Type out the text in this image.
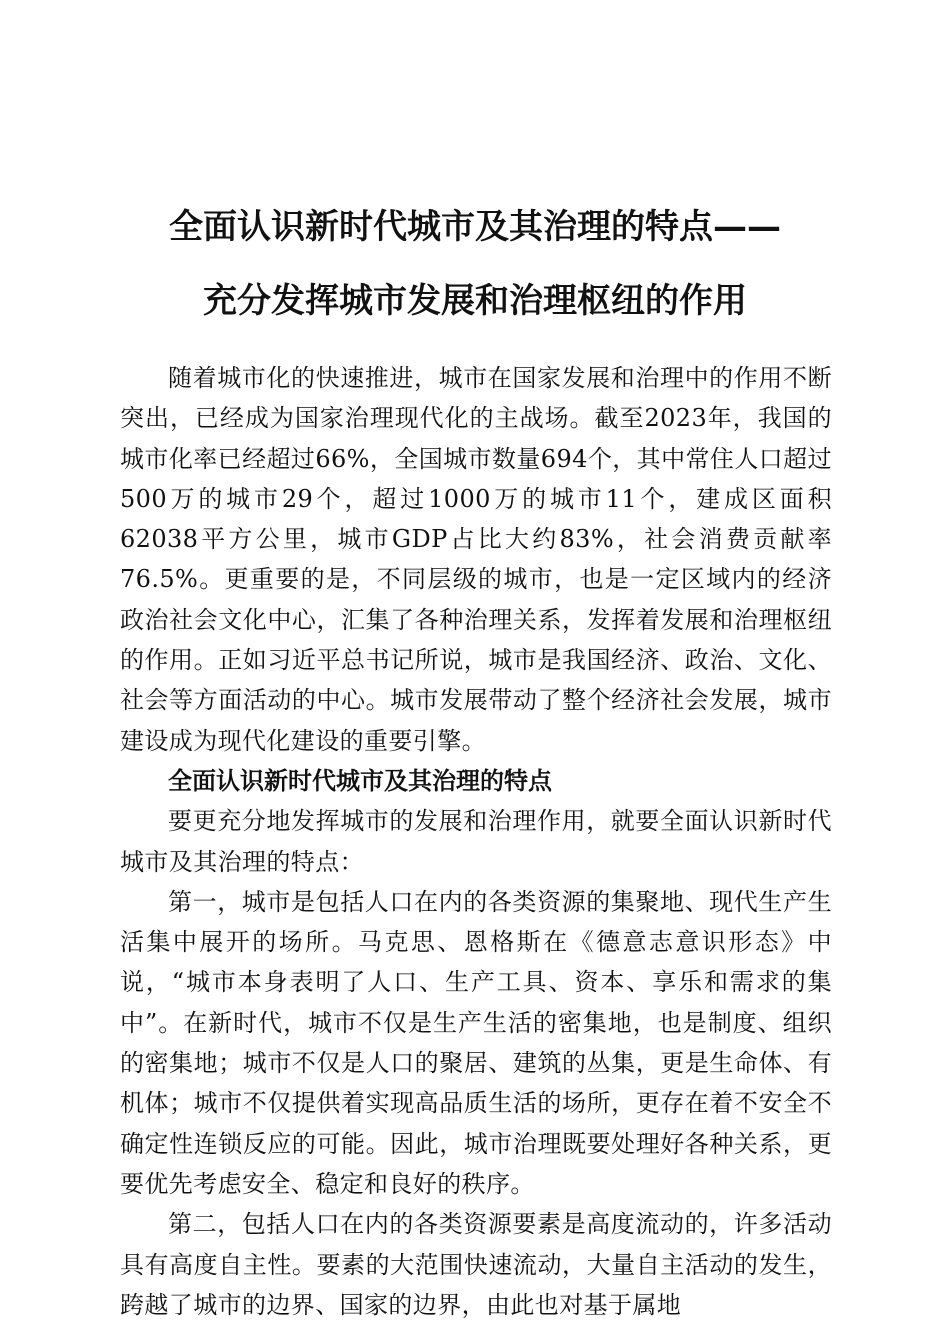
全面认识新时代城市及其治理的特点——
充分发挥城市发展和治理枢纽的作用

随着城市化的快速推进，城市在国家发展和治理中的作用不断突出，已经成为国家治理现代化的主战场。截至2023年，我国的城市化率已经超过66%，全国城市数量694个，其中常住人口超过500万的城市29个，超过1000万的城市11个，建成区面积62038平方公里，城市GDP占比大约83%，社会消费贡献率76.5%。更重要的是，不同层级的城市，也是一定区域内的经济政治社会文化中心，汇集了各种治理关系，发挥着发展和治理枢纽的作用。正如习近平总书记所说，城市是我国经济、政治、文化、社会等方面活动的中心。城市发展带动了整个经济社会发展，城市建设成为现代化建设的重要引擎。

全面认识新时代城市及其治理的特点

要更充分地发挥城市的发展和治理作用，就要全面认识新时代城市及其治理的特点：

第一，城市是包括人口在内的各类资源的集聚地、现代生产生活集中展开的场所。马克思、恩格斯在《德意志意识形态》中说，“城市本身表明了人口、生产工具、资本、享乐和需求的集中”。在新时代，城市不仅是生产生活的密集地，也是制度、组织的密集地；城市不仅是人口的聚居、建筑的丛集，更是生命体、有机体；城市不仅提供着实现高品质生活的场所，更存在着不安全不确定性连锁反应的可能。因此，城市治理既要处理好各种关系，更要优先考虑安全、稳定和良好的秩序。

第二，包括人口在内的各类资源要素是高度流动的，许多活动具有高度自主性。要素的大范围快速流动，大量自主活动的发生，跨越了城市的边界、国家的边界，由此也对基于属地
